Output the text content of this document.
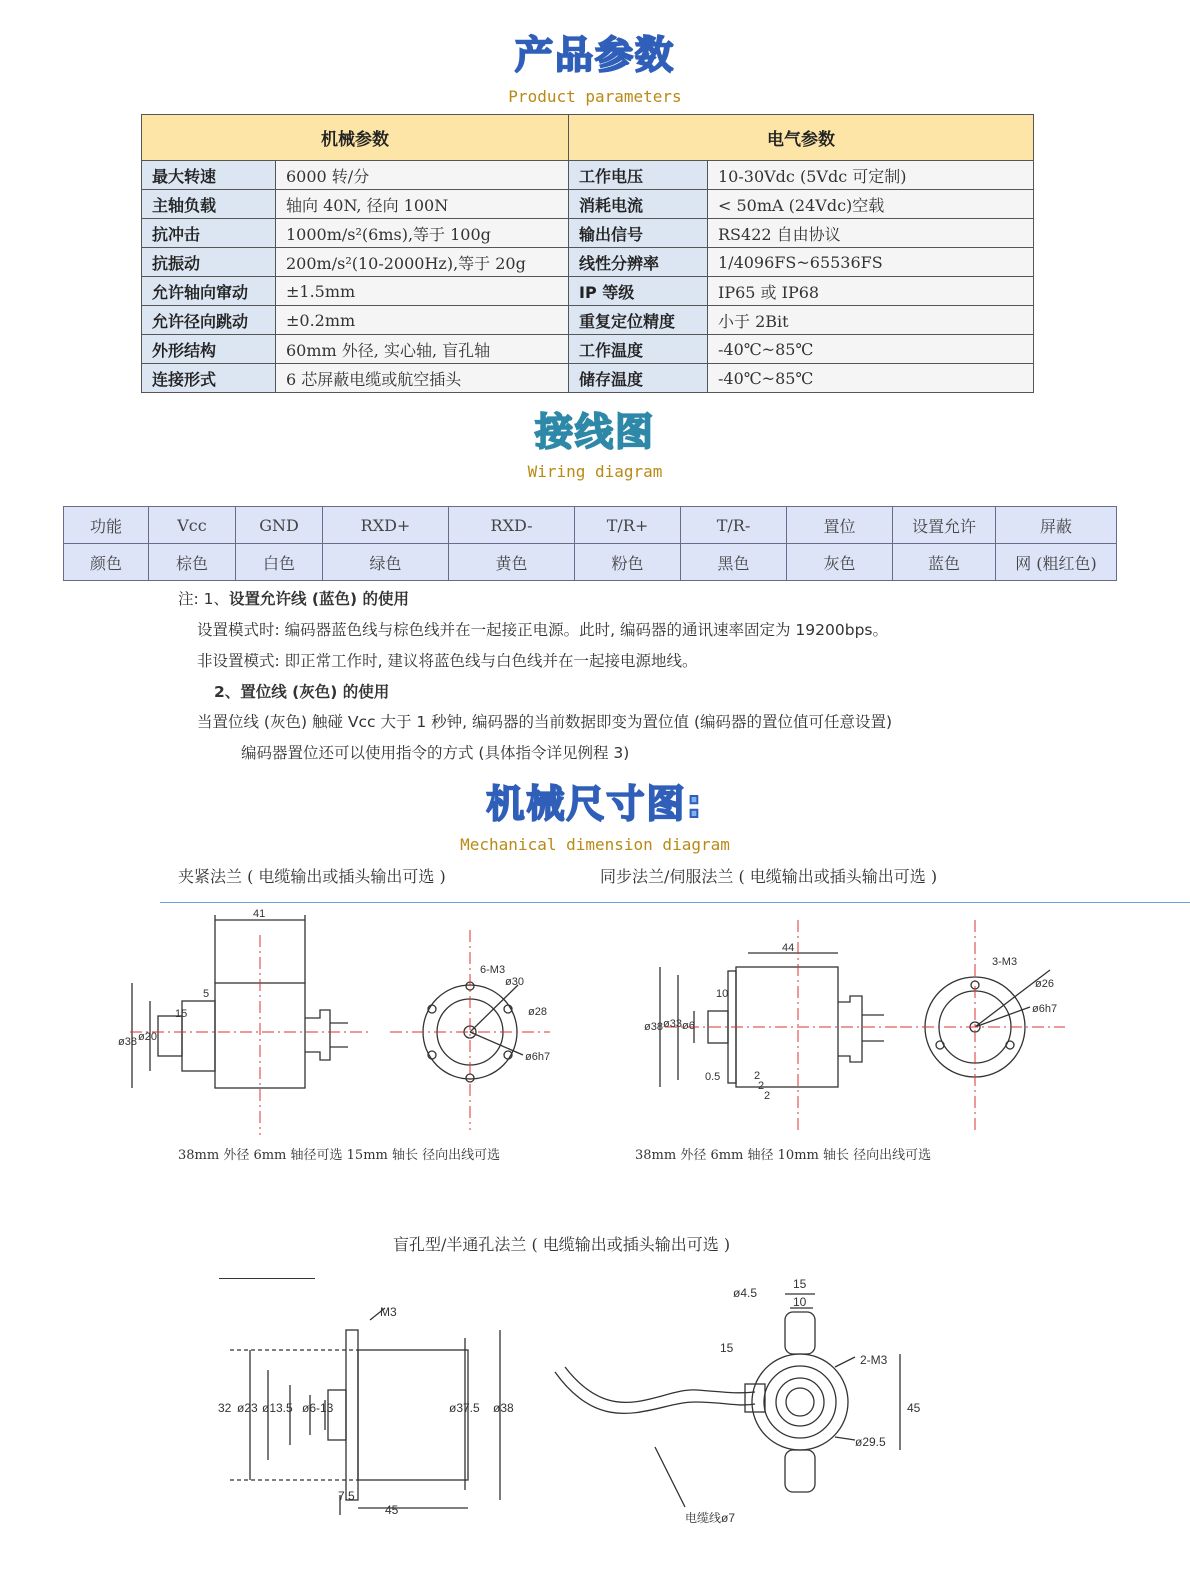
产品参数
Product parameters
机械参数		电气参数	
最大转速	6000 转/分	工作电压	10-30Vdc (5Vdc 可定制)
主轴负载	轴向 40N, 径向 100N	消耗电流	< 50mA (24Vdc)空载
抗冲击	1000m/s²(6ms),等于 100g	输出信号	RS422 自由协议
抗振动	200m/s²(10-2000Hz),等于 20g	线性分辨率	1/4096FS~65536FS
允许轴向窜动	±1.5mm	IP 等级	IP65 或 IP68
允许径向跳动	±0.2mm	重复定位精度	小于 2Bit
外形结构	60mm 外径, 实心轴, 盲孔轴	工作温度	-40℃~85℃
连接形式	6 芯屏蔽电缆或航空插头	储存温度	-40℃~85℃
接线图
Wiring diagram
功能	Vcc	GND	RXD+	RXD-	T/R+	T/R-	置位	设置允许	屏蔽
颜色	棕色	白色	绿色	黄色	粉色	黑色	灰色	蓝色	网 (粗红色)
注: 1、设置允许线 (蓝色) 的使用
设置模式时: 编码器蓝色线与棕色线并在一起接正电源。此时, 编码器的通讯速率固定为 19200bps。
非设置模式: 即正常工作时, 建议将蓝色线与白色线并在一起接电源地线。
2、置位线 (灰色) 的使用
当置位线 (灰色) 触碰 Vcc 大于 1 秒钟, 编码器的当前数据即变为置位值 (编码器的置位值可任意设置)
编码器置位还可以使用指令的方式 (具体指令详见例程 3)
机械尺寸图:
Mechanical dimension diagram
夹紧法兰 ( 电缆输出或插头输出可选 )	同步法兰/伺服法兰 ( 电缆输出或插头输出可选 )
41
5
15
ø38 ø20
6-M3
ø30
ø28
ø6h7
44
10
ø38 ø33 ø6
0.5	2
2
2
3-M3
ø26
ø6h7
38mm 外径 6mm 轴径可选 15mm 轴长 径向出线可选	38mm 外径 6mm 轴径 10mm 轴长 径向出线可选
盲孔型/半通孔法兰 ( 电缆输出或插头输出可选 )
M3
32 ø23 ø13.5 ø6-13	ø37.5 ø38
7.5
45
ø4.5
15
10
15
2-M3
45
ø29.5
电缆线ø7
